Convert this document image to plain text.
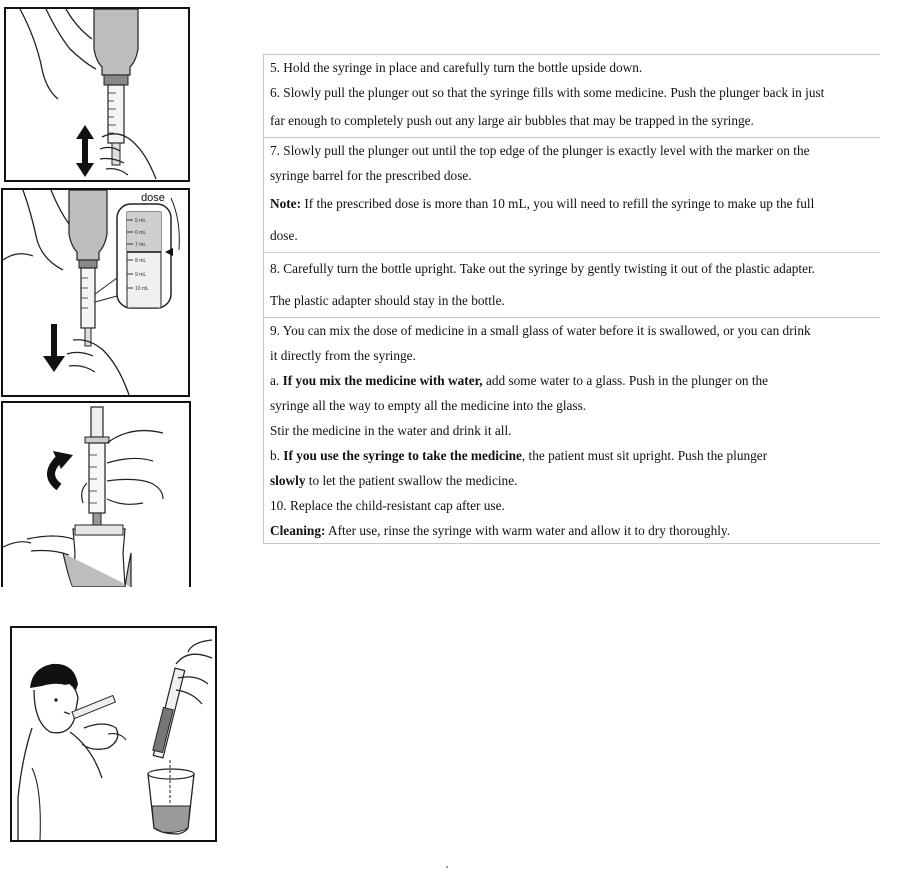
dose
5 mL
6 mL
7 mL
8 mL
9 mL
10 mL
5. Hold the syringe in place and carefully turn the bottle upside down.
6. Slowly pull the plunger out so that the syringe fills with some medicine. Push the plunger back in just
far enough to completely push out any large air bubbles that may be trapped in the syringe.
7. Slowly pull the plunger out until the top edge of the plunger is exactly level with the marker on the
syringe barrel for the prescribed dose.
Note: If the prescribed dose is more than 10 mL, you will need to refill the syringe to make up the full
dose.
8. Carefully turn the bottle upright. Take out the syringe by gently twisting it out of the plastic adapter.
The plastic adapter should stay in the bottle.
9. You can mix the dose of medicine in a small glass of water before it is swallowed, or you can drink
it directly from the syringe.
a. If you mix the medicine with water, add some water to a glass. Push in the plunger on the
syringe all the way to empty all the medicine into the glass.
Stir the medicine in the water and drink it all.
b. If you use the syringe to take the medicine, the patient must sit upright. Push the plunger
slowly to let the patient swallow the medicine.
10. Replace the child-resistant cap after use.
Cleaning: After use, rinse the syringe with warm water and allow it to dry thoroughly.
